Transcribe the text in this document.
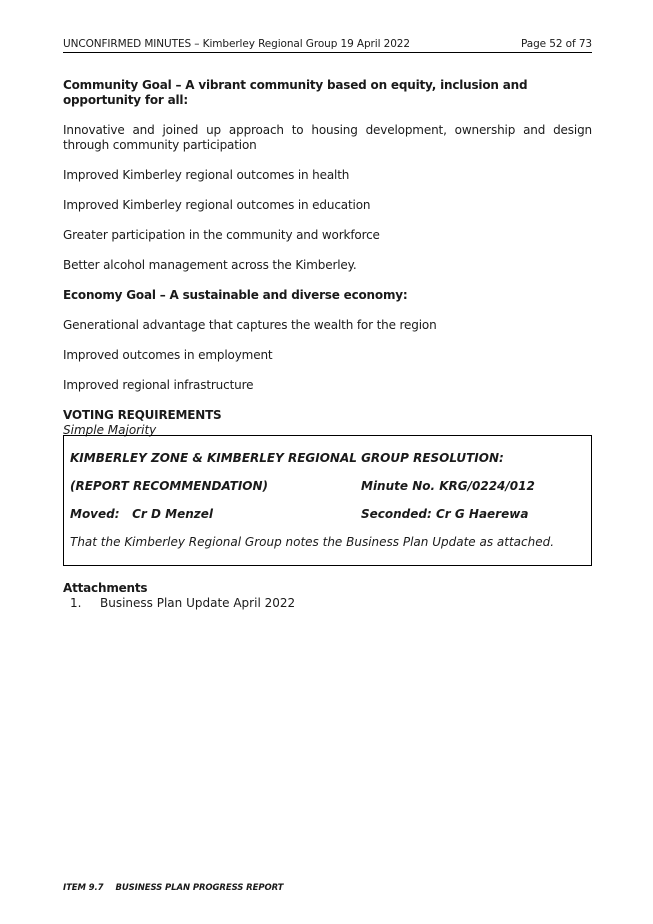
UNCONFIRMED MINUTES – Kimberley Regional Group 19 April 2022	Page 52 of 73

Community Goal – A vibrant community based on equity, inclusion and opportunity for all:

Innovative and joined up approach to housing development, ownership and design through community participation

Improved Kimberley regional outcomes in health

Improved Kimberley regional outcomes in education

Greater participation in the community and workforce

Better alcohol management across the Kimberley.

Economy Goal – A sustainable and diverse economy:

Generational advantage that captures the wealth for the region

Improved outcomes in employment

Improved regional infrastructure

VOTING REQUIREMENTS

Simple Majority

KIMBERLEY ZONE & KIMBERLEY REGIONAL GROUP RESOLUTION:
(REPORT RECOMMENDATION)	Minute No. KRG/0224/012
Moved: Cr D Menzel	Seconded: Cr G Haerewa
That the Kimberley Regional Group notes the Business Plan Update as attached.
Attachments
1. Business Plan Update April 2022
ITEM 9.7 BUSINESS PLAN PROGRESS REPORT
